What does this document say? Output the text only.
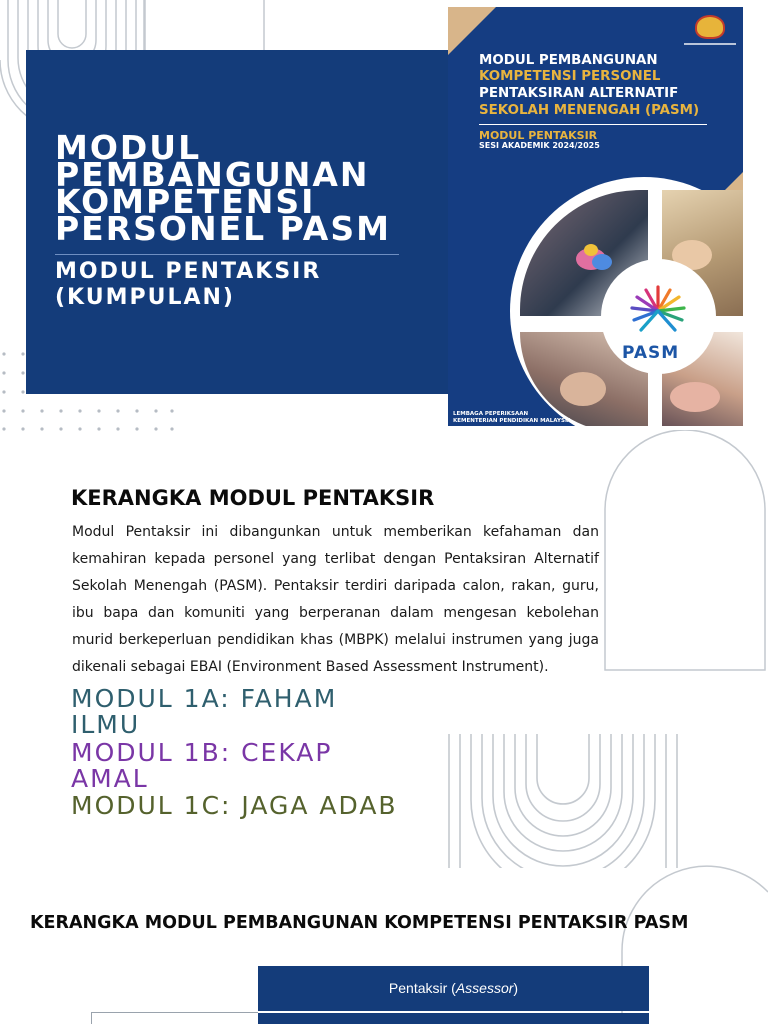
MODUL PEMBANGUNAN KOMPETENSI PERSONEL PASM
MODUL PENTAKSIR (KUMPULAN)
MODUL PEMBANGUNAN
KOMPETENSI PERSONEL
PENTAKSIRAN ALTERNATIF
SEKOLAH MENENGAH (PASM)
MODUL PENTAKSIR
SESI AKADEMIK 2024/2025
PASM
LEMBAGA PEPERIKSAAN
KEMENTERIAN PENDIDIKAN MALAYSIA
KERANGKA MODUL PENTAKSIR

Modul Pentaksir ini dibangunkan untuk memberikan kefahaman dan kemahiran kepada personel yang terlibat dengan Pentaksiran Alternatif Sekolah Menengah (PASM). Pentaksir terdiri daripada calon, rakan, guru, ibu bapa dan komuniti yang berperanan dalam mengesan kebolehan murid berkeperluan pendidikan khas (MBPK) melalui instrumen yang juga dikenali sebagai EBAI (Environment Based Assessment Instrument).

MODUL 1A: FAHAM ILMU
MODUL 1B: CEKAP AMAL
MODUL 1C: JAGA ADAB
KERANGKA MODUL PEMBANGUNAN KOMPETENSI PENTAKSIR PASM
Pentaksir (Assessor)
